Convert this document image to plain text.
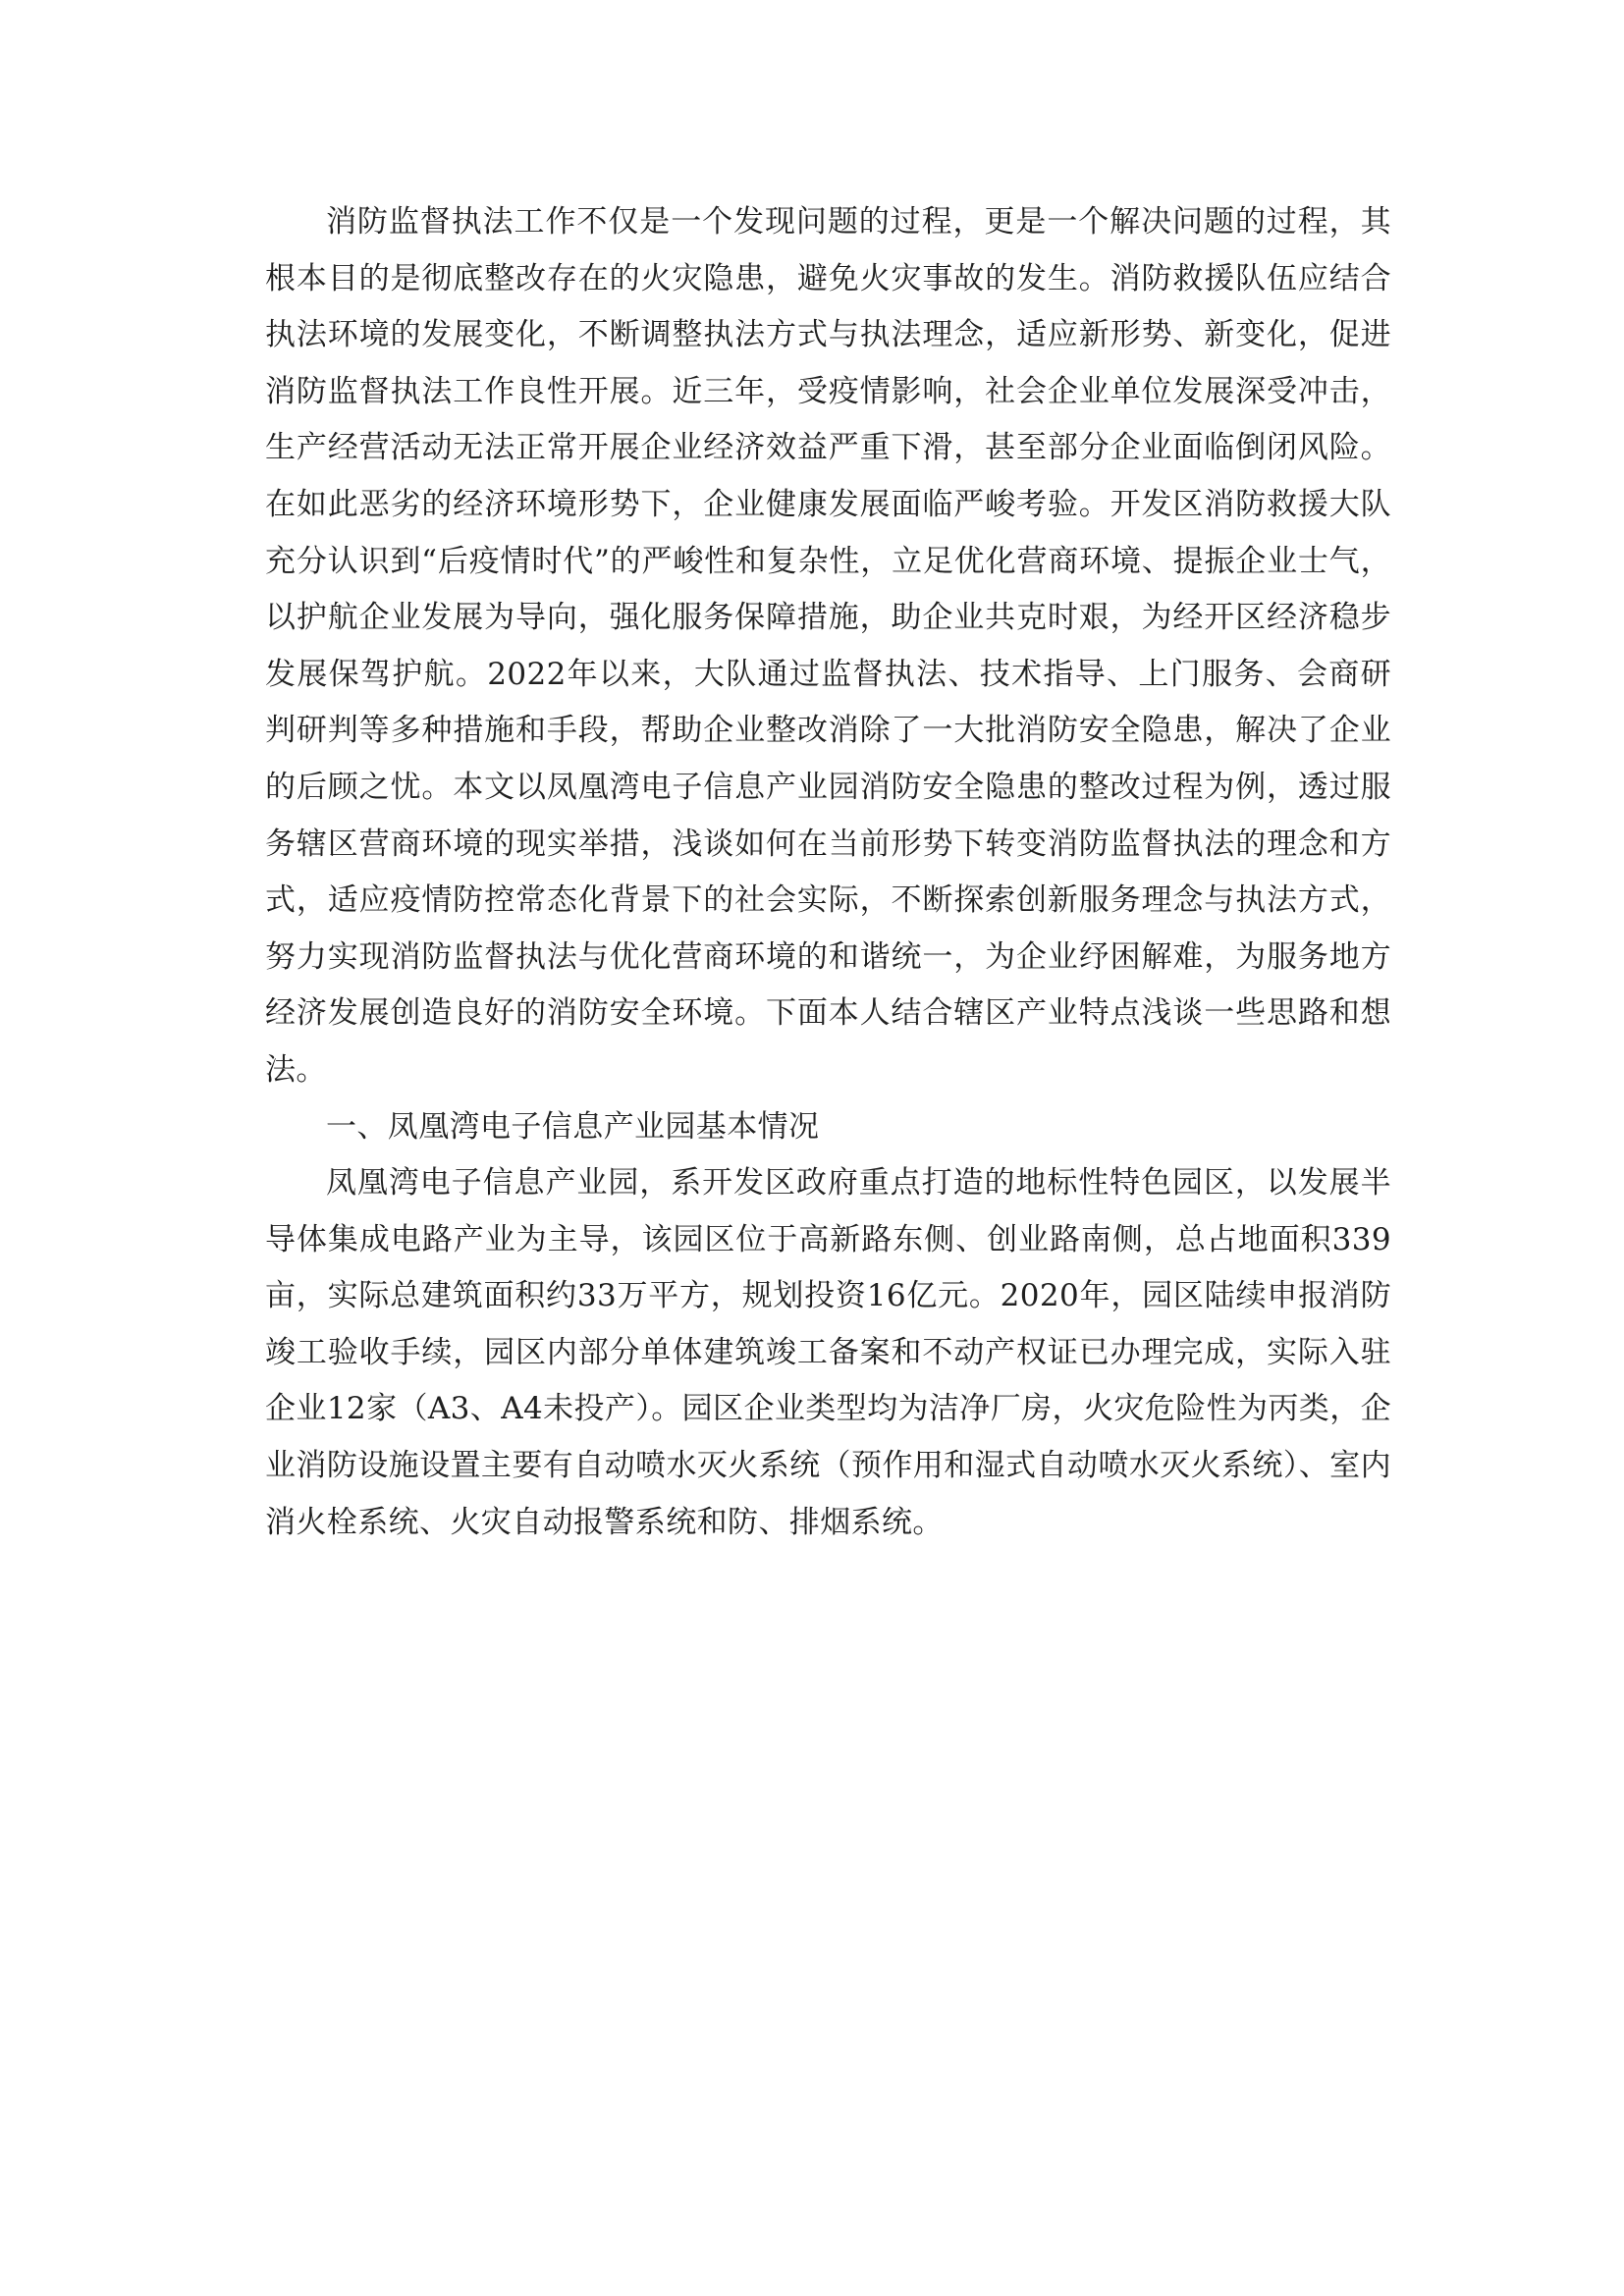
消防监督执法工作不仅是一个发现问题的过程，更是一个解决问题的过程，其根本目的是彻底整改存在的火灾隐患，避免火灾事故的发生。消防救援队伍应结合执法环境的发展变化，不断调整执法方式与执法理念，适应新形势、新变化，促进消防监督执法工作良性开展。近三年，受疫情影响，社会企业单位发展深受冲击，生产经营活动无法正常开展企业经济效益严重下滑，甚至部分企业面临倒闭风险。在如此恶劣的经济环境形势下，企业健康发展面临严峻考验。开发区消防救援大队充分认识到“后疫情时代”的严峻性和复杂性，立足优化营商环境、提振企业士气，以护航企业发展为导向，强化服务保障措施，助企业共克时艰，为经开区经济稳步发展保驾护航。2022年以来，大队通过监督执法、技术指导、上门服务、会商研判研判等多种措施和手段，帮助企业整改消除了一大批消防安全隐患，解决了企业的后顾之忧。本文以凤凰湾电子信息产业园消防安全隐患的整改过程为例，透过服务辖区营商环境的现实举措，浅谈如何在当前形势下转变消防监督执法的理念和方式，适应疫情防控常态化背景下的社会实际，不断探索创新服务理念与执法方式，努力实现消防监督执法与优化营商环境的和谐统一，为企业纾困解难，为服务地方经济发展创造良好的消防安全环境。下面本人结合辖区产业特点浅谈一些思路和想法。

一、凤凰湾电子信息产业园基本情况

凤凰湾电子信息产业园，系开发区政府重点打造的地标性特色园区，以发展半导体集成电路产业为主导，该园区位于高新路东侧、创业路南侧，总占地面积339亩，实际总建筑面积约33万平方，规划投资16亿元。2020年，园区陆续申报消防竣工验收手续，园区内部分单体建筑竣工备案和不动产权证已办理完成，实际入驻企业12家（A3、A4未投产）。园区企业类型均为洁净厂房，火灾危险性为丙类，企业消防设施设置主要有自动喷水灭火系统（预作用和湿式自动喷水灭火系统）、室内消火栓系统、火灾自动报警系统和防、排烟系统。
